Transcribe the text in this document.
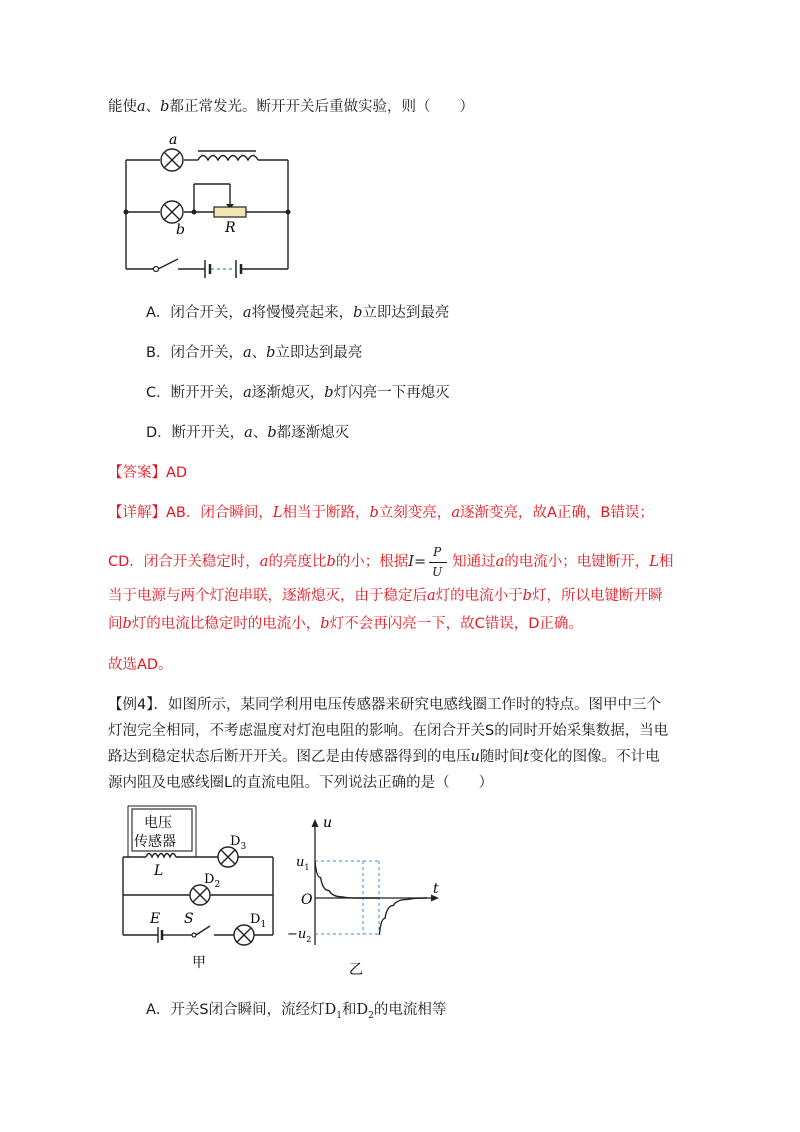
能使a、b都正常发光。断开开关后重做实验，则（　　）
a
b	R
A．闭合开关，a将慢慢亮起来，b立即达到最亮
B．闭合开关，a、b立即达到最亮
C．断开开关，a逐渐熄灭，b灯闪亮一下再熄灭
D．断开开关，a、b都逐渐熄灭
【答案】AD
【详解】AB．闭合瞬间，L相当于断路，b立刻变亮，a逐渐变亮，故A正确，B错误；
CD．闭合开关稳定时，a的亮度比b的小；根据$I= \frac{P}{U}$ 知通过a的电流小；电键断开，L相
当于电源与两个灯泡串联，逐渐熄灭，由于稳定后a灯的电流小于b灯，所以电键断开瞬
间b灯的电流比稳定时的电流小，b灯不会再闪亮一下，故C错误，D正确。
故选AD。
【例4】．如图所示，某同学利用电压传感器来研究电感线圈工作时的特点。图甲中三个
灯泡完全相同，不考虑温度对灯泡电阻的影响。在闭合开关S的同时开始采集数据，当电
路达到稳定状态后断开开关。图乙是由传感器得到的电压u随时间t变化的图像。不计电
源内阻及电感线圈L的直流电阻。下列说法正确的是（　　）
电压
传感器
L
$D_3$
$D_2$
$D_1$
E S
甲
u
t
O
$u_1$
$-u_2$
乙
A．开关S闭合瞬间，流经灯$D_1$和$D_2$的电流相等
